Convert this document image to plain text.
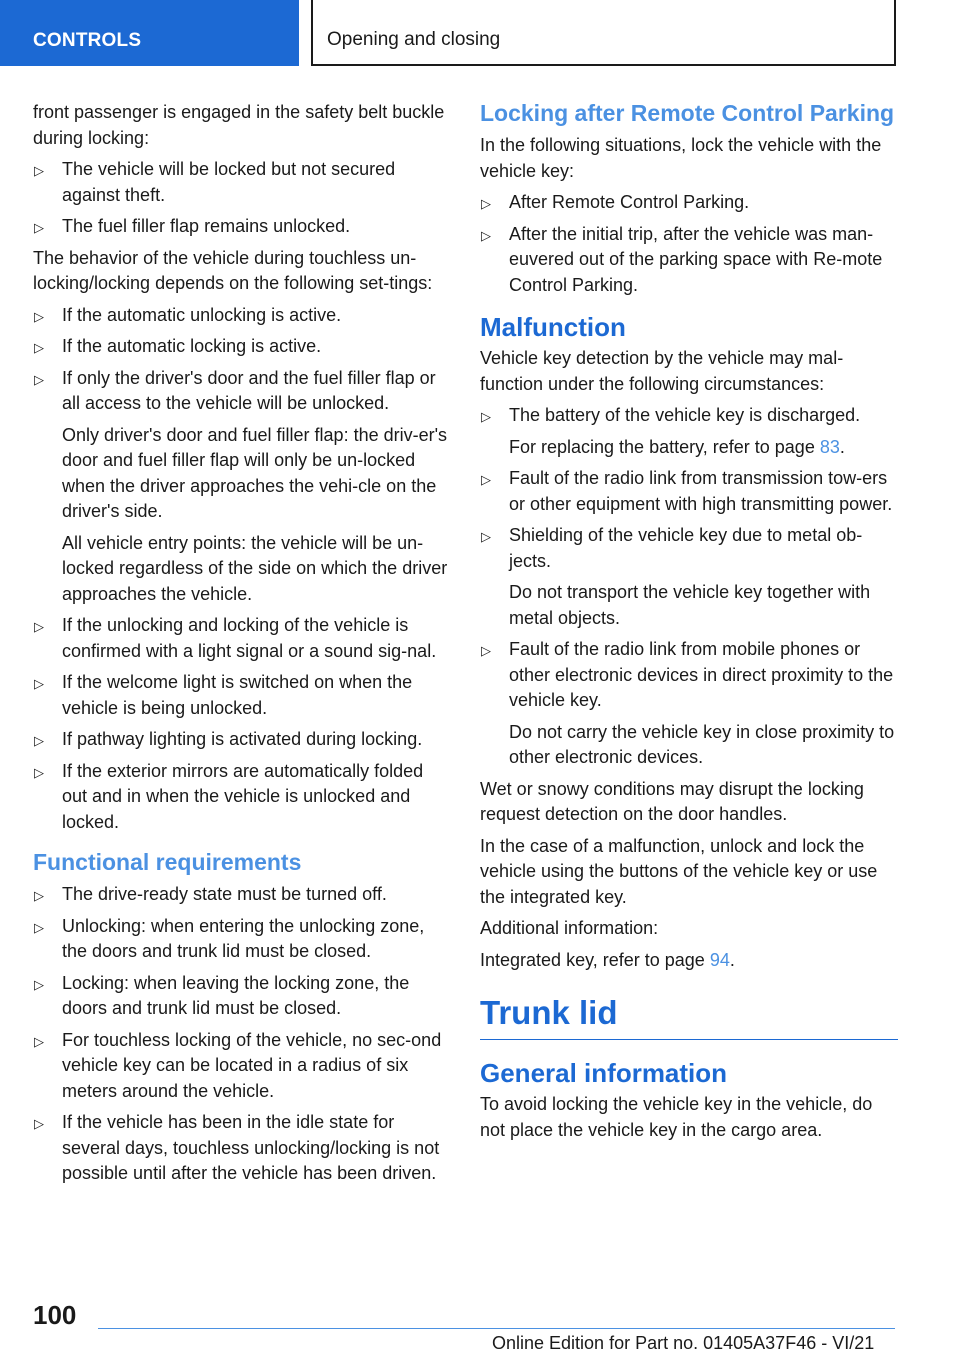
CONTROLS	Opening and closing

front passenger is engaged in the safety belt buckle during locking:

▷ The vehicle will be locked but not secured against theft.
▷ The fuel filler flap remains unlocked.

The behavior of the vehicle during touchless un-locking/locking depends on the following set-tings:

▷ If the automatic unlocking is active.
▷ If the automatic locking is active.
▷ If only the driver's door and the fuel filler flap or all access to the vehicle will be unlocked.
Only driver's door and fuel filler flap: the driv-er's door and fuel filler flap will only be un-locked when the driver approaches the vehi-cle on the driver's side.
All vehicle entry points: the vehicle will be un-locked regardless of the side on which the driver approaches the vehicle.
▷ If the unlocking and locking of the vehicle is confirmed with a light signal or a sound sig-nal.
▷ If the welcome light is switched on when the vehicle is being unlocked.
▷ If pathway lighting is activated during locking.
▷ If the exterior mirrors are automatically folded out and in when the vehicle is unlocked and locked.
Functional requirements
▷ The drive-ready state must be turned off.
▷ Unlocking: when entering the unlocking zone, the doors and trunk lid must be closed.
▷ Locking: when leaving the locking zone, the doors and trunk lid must be closed.
▷ For touchless locking of the vehicle, no sec-ond vehicle key can be located in a radius of six meters around the vehicle.
▷ If the vehicle has been in the idle state for several days, touchless unlocking/locking is not possible until after the vehicle has been driven.
Locking after Remote Control Parking

In the following situations, lock the vehicle with the vehicle key:

▷ After Remote Control Parking.
▷ After the initial trip, after the vehicle was man-euvered out of the parking space with Re-mote Control Parking.
Malfunction

Vehicle key detection by the vehicle may mal-function under the following circumstances:

▷ The battery of the vehicle key is discharged.
For replacing the battery, refer to page 83.
▷ Fault of the radio link from transmission tow-ers or other equipment with high transmitting power.
▷ Shielding of the vehicle key due to metal ob-jects.
Do not transport the vehicle key together with metal objects.
▷ Fault of the radio link from mobile phones or other electronic devices in direct proximity to the vehicle key.
Do not carry the vehicle key in close proximity to other electronic devices.

Wet or snowy conditions may disrupt the locking request detection on the door handles.

In the case of a malfunction, unlock and lock the vehicle using the buttons of the vehicle key or use the integrated key.

Additional information:

Integrated key, refer to page 94.

Trunk lid
General information

To avoid locking the vehicle key in the vehicle, do not place the vehicle key in the cargo area.

100
Online Edition for Part no. 01405A37F46 - VI/21
